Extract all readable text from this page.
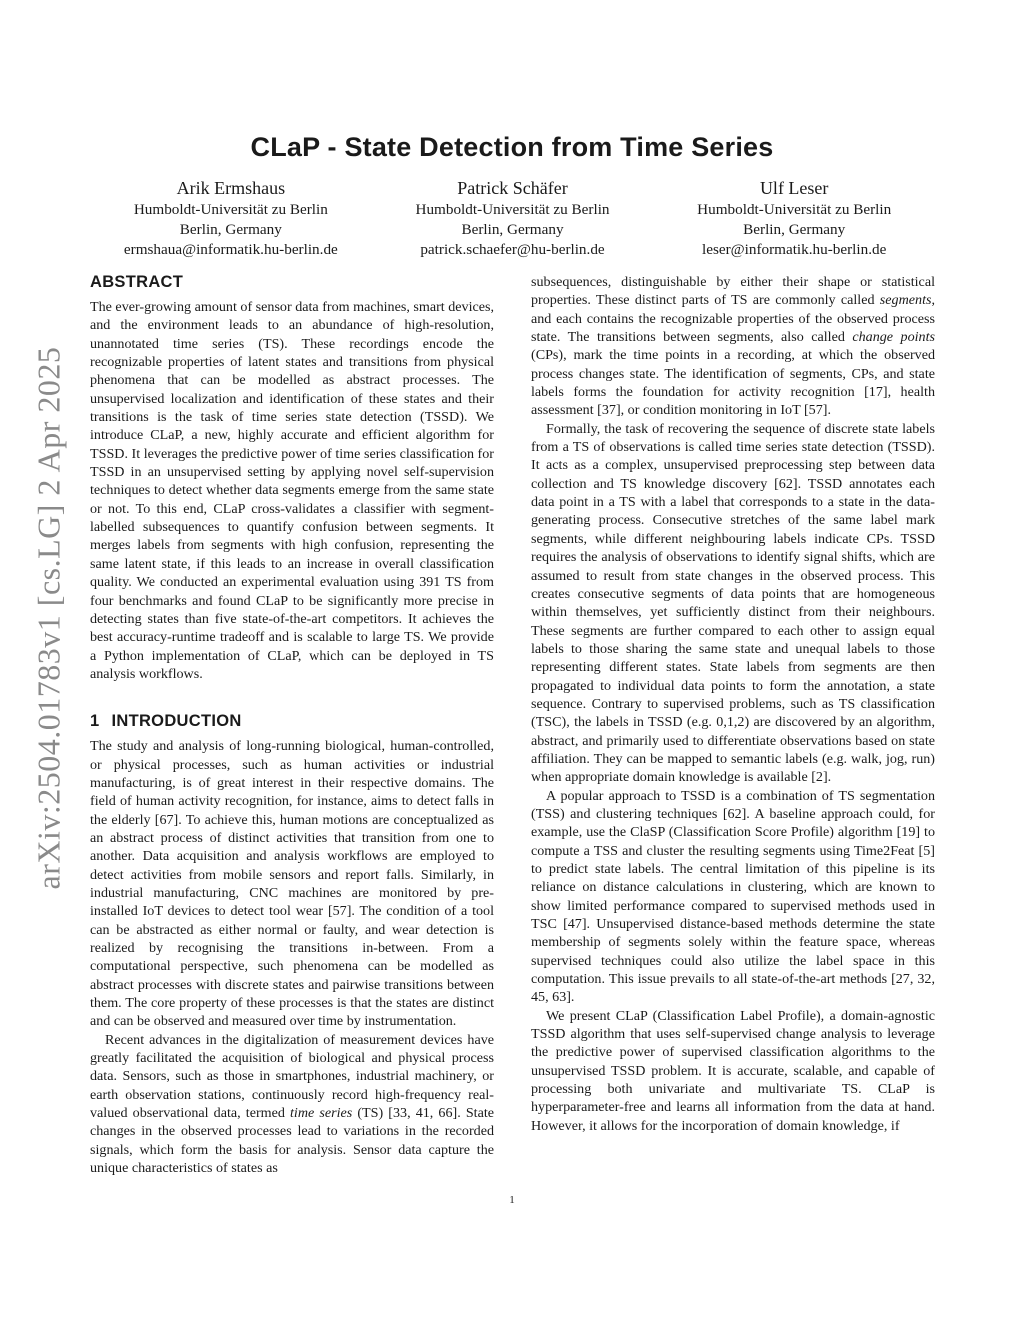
arXiv:2504.01783v1 [cs.LG] 2 Apr 2025
CLaP - State Detection from Time Series
Arik Ermshaus
Humboldt-Universität zu Berlin
Berlin, Germany
ermshaua@informatik.hu-berlin.de
Patrick Schäfer
Humboldt-Universität zu Berlin
Berlin, Germany
patrick.schaefer@hu-berlin.de
Ulf Leser
Humboldt-Universität zu Berlin
Berlin, Germany
leser@informatik.hu-berlin.de
ABSTRACT

The ever-growing amount of sensor data from machines, smart devices, and the environment leads to an abundance of high-resolution, unannotated time series (TS). These recordings encode the recognizable properties of latent states and transitions from physical phenomena that can be modelled as abstract processes. The unsupervised localization and identification of these states and their transitions is the task of time series state detection (TSSD). We introduce CLaP, a new, highly accurate and efficient algorithm for TSSD. It leverages the predictive power of time series classification for TSSD in an unsupervised setting by applying novel self-supervision techniques to detect whether data segments emerge from the same state or not. To this end, CLaP cross-validates a classifier with segment-labelled subsequences to quantify confusion between segments. It merges labels from segments with high confusion, representing the same latent state, if this leads to an increase in overall classification quality. We conducted an experimental evaluation using 391 TS from four benchmarks and found CLaP to be significantly more precise in detecting states than five state-of-the-art competitors. It achieves the best accuracy-runtime tradeoff and is scalable to large TS. We provide a Python implementation of CLaP, which can be deployed in TS analysis workflows.

1 INTRODUCTION

The study and analysis of long-running biological, human-controlled, or physical processes, such as human activities or industrial manufacturing, is of great interest in their respective domains. The field of human activity recognition, for instance, aims to detect falls in the elderly [67]. To achieve this, human motions are conceptualized as an abstract process of distinct activities that transition from one to another. Data acquisition and analysis workflows are employed to detect activities from mobile sensors and report falls. Similarly, in industrial manufacturing, CNC machines are monitored by pre-installed IoT devices to detect tool wear [57]. The condition of a tool can be abstracted as either normal or faulty, and wear detection is realized by recognising the transitions in-between. From a computational perspective, such phenomena can be modelled as abstract processes with discrete states and pairwise transitions between them. The core property of these processes is that the states are distinct and can be observed and measured over time by instrumentation.

Recent advances in the digitalization of measurement devices have greatly facilitated the acquisition of biological and physical process data. Sensors, such as those in smartphones, industrial machinery, or earth observation stations, continuously record high-frequency real-valued observational data, termed time series (TS) [33, 41, 66]. State changes in the observed processes lead to variations in the recorded signals, which form the basis for analysis. Sensor data capture the unique characteristics of states as

subsequences, distinguishable by either their shape or statistical properties. These distinct parts of TS are commonly called segments, and each contains the recognizable properties of the observed process state. The transitions between segments, also called change points (CPs), mark the time points in a recording, at which the observed process changes state. The identification of segments, CPs, and state labels forms the foundation for activity recognition [17], health assessment [37], or condition monitoring in IoT [57].

Formally, the task of recovering the sequence of discrete state labels from a TS of observations is called time series state detection (TSSD). It acts as a complex, unsupervised preprocessing step between data collection and TS knowledge discovery [62]. TSSD annotates each data point in a TS with a label that corresponds to a state in the data-generating process. Consecutive stretches of the same label mark segments, while different neighbouring labels indicate CPs. TSSD requires the analysis of observations to identify signal shifts, which are assumed to result from state changes in the observed process. This creates consecutive segments of data points that are homogeneous within themselves, yet sufficiently distinct from their neighbours. These segments are further compared to each other to assign equal labels to those sharing the same state and unequal labels to those representing different states. State labels from segments are then propagated to individual data points to form the annotation, a state sequence. Contrary to supervised problems, such as TS classification (TSC), the labels in TSSD (e.g. 0,1,2) are discovered by an algorithm, abstract, and primarily used to differentiate observations based on state affiliation. They can be mapped to semantic labels (e.g. walk, jog, run) when appropriate domain knowledge is available [2].

A popular approach to TSSD is a combination of TS segmentation (TSS) and clustering techniques [62]. A baseline approach could, for example, use the ClaSP (Classification Score Profile) algorithm [19] to compute a TSS and cluster the resulting segments using Time2Feat [5] to predict state labels. The central limitation of this pipeline is its reliance on distance calculations in clustering, which are known to show limited performance compared to supervised methods used in TSC [47]. Unsupervised distance-based methods determine the state membership of segments solely within the feature space, whereas supervised techniques could also utilize the label space in this computation. This issue prevails to all state-of-the-art methods [27, 32, 45, 63].

We present CLaP (Classification Label Profile), a domain-agnostic TSSD algorithm that uses self-supervised change analysis to leverage the predictive power of supervised classification algorithms to the unsupervised TSSD problem. It is accurate, scalable, and capable of processing both univariate and multivariate TS. CLaP is hyperparameter-free and learns all information from the data at hand. However, it allows for the incorporation of domain knowledge, if

1
